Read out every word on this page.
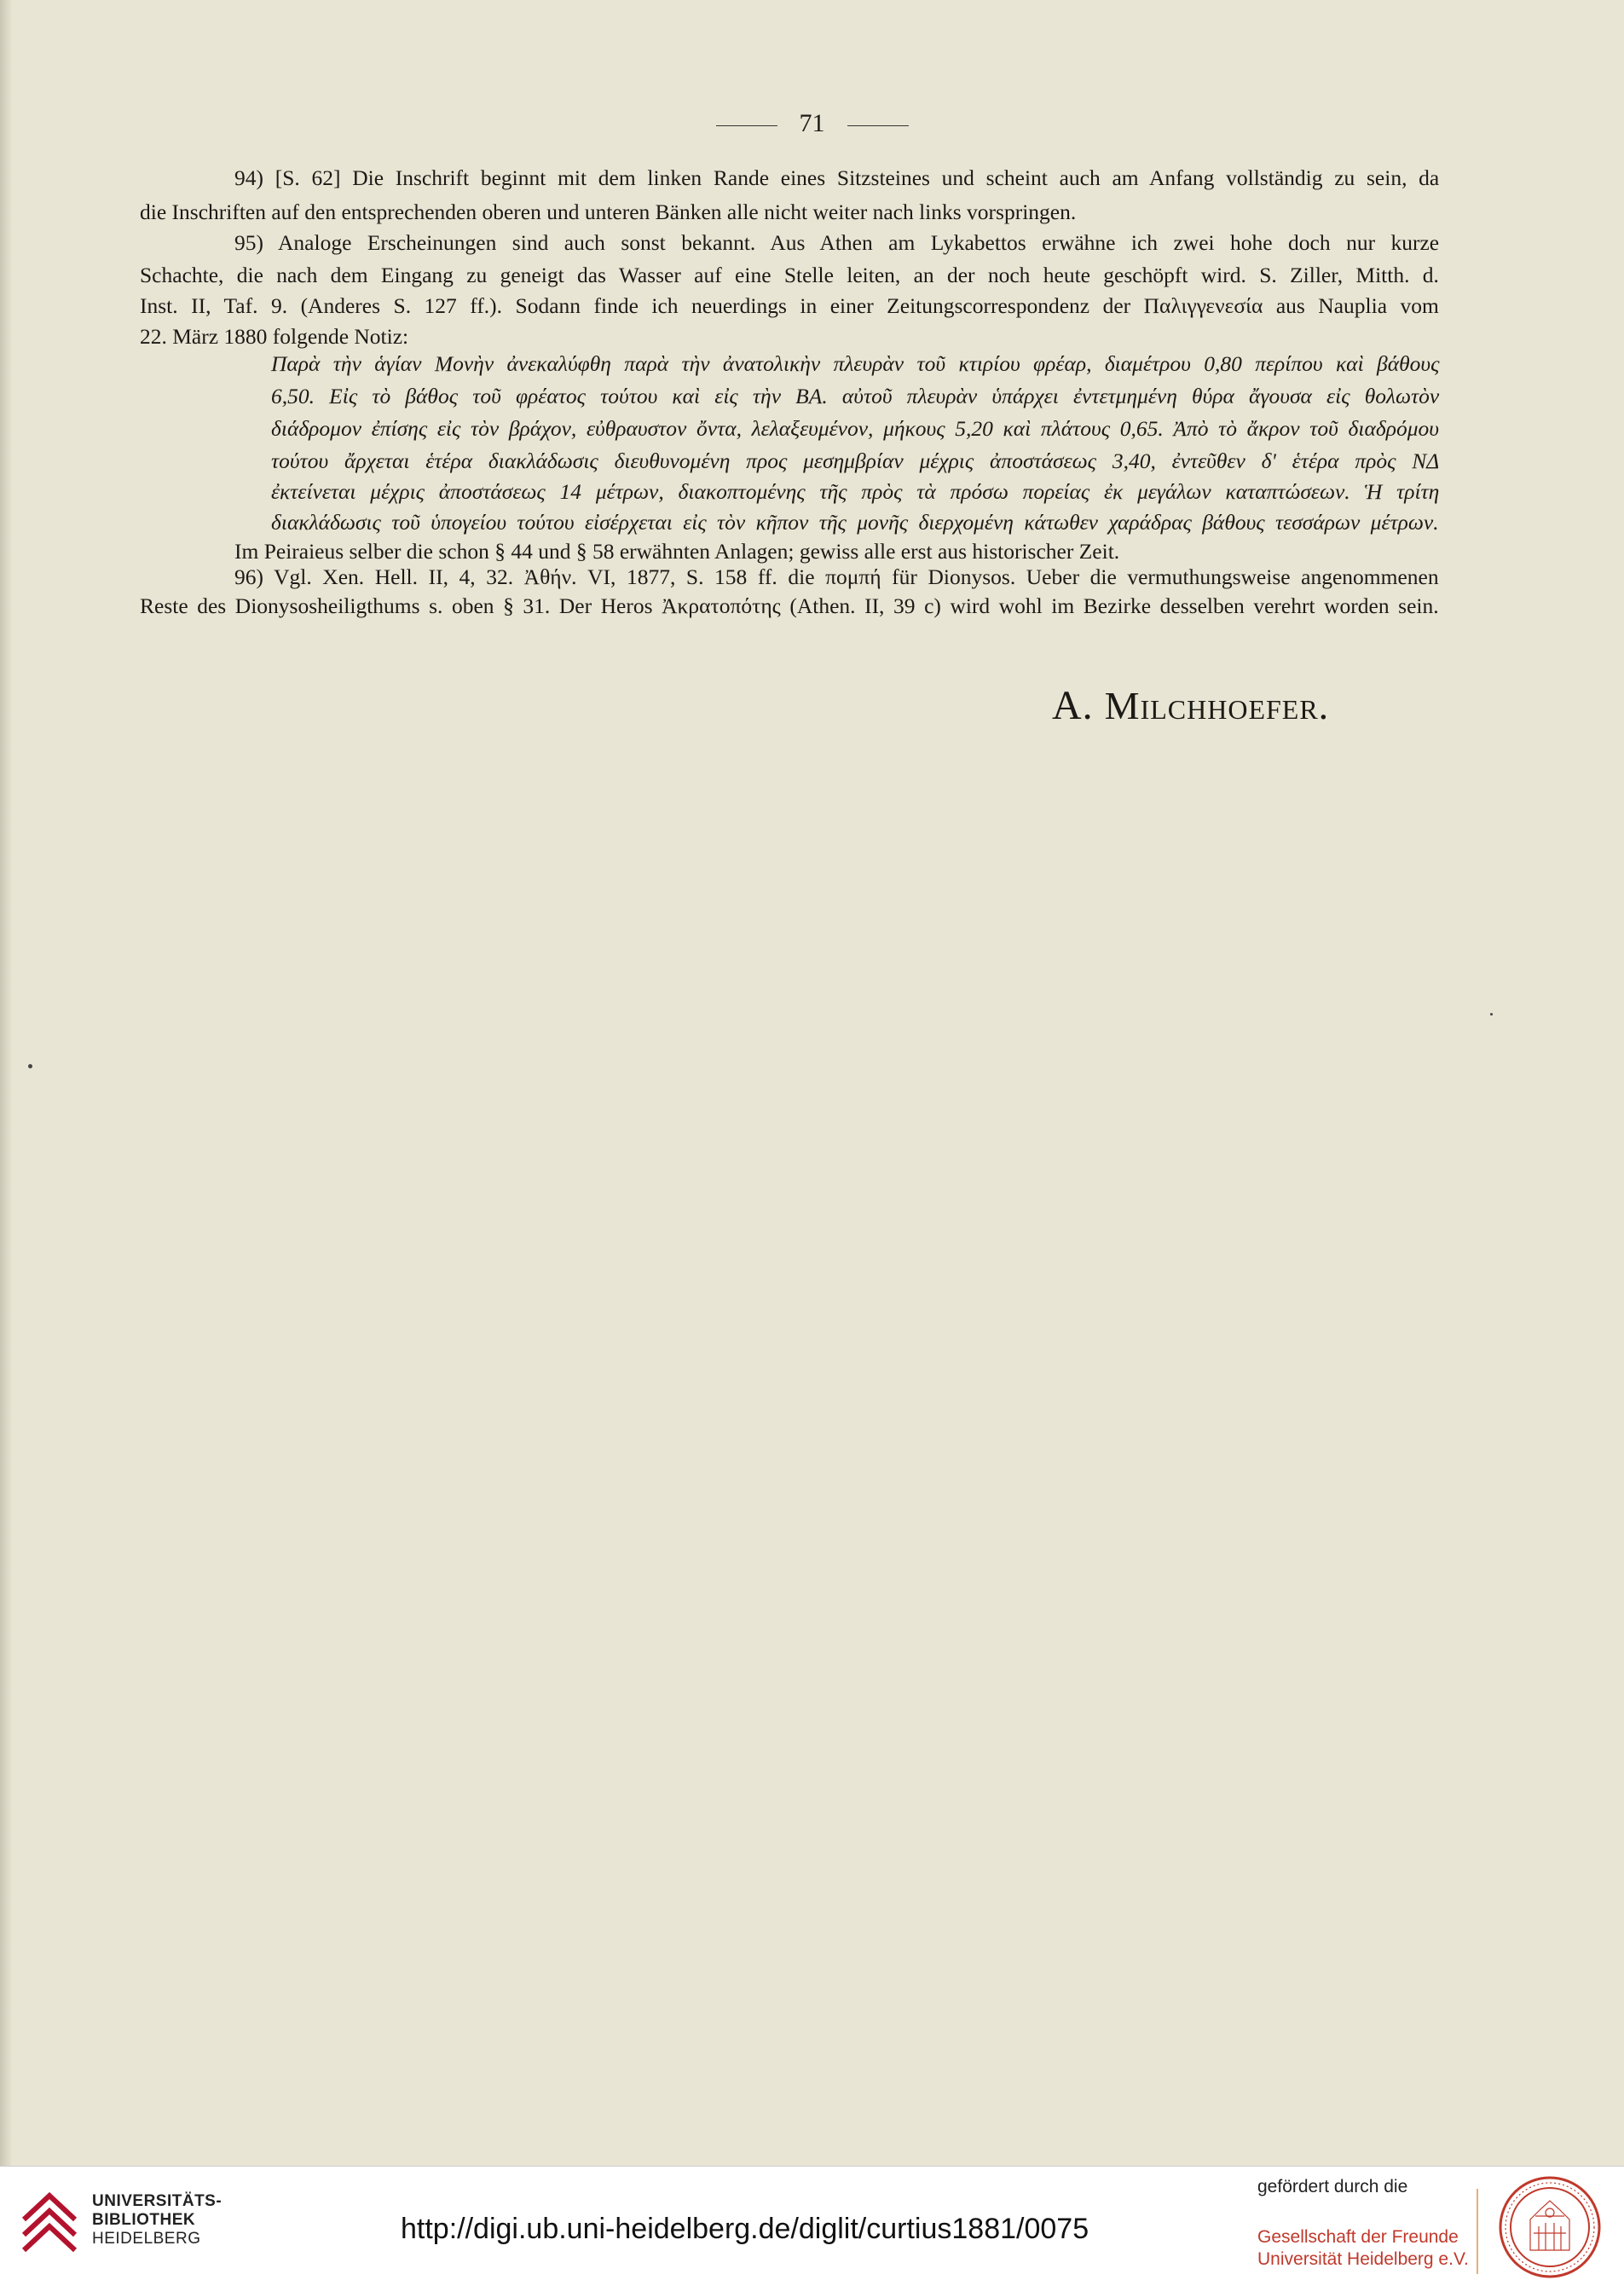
71
94) [S. 62] Die Inschrift beginnt mit dem linken Rande eines Sitzsteines und scheint auch am Anfang vollständig zu sein, da
die Inschriften auf den entsprechenden oberen und unteren Bänken alle nicht weiter nach links vorspringen.
95) Analoge Erscheinungen sind auch sonst bekannt. Aus Athen am Lykabettos erwähne ich zwei hohe doch nur kurze
Schachte, die nach dem Eingang zu geneigt das Wasser auf eine Stelle leiten, an der noch heute geschöpft wird. S. Ziller, Mitth. d.
Inst. II, Taf. 9. (Anderes S. 127 ff.). Sodann finde ich neuerdings in einer Zeitungscorrespondenz der Παλιγγενεσία aus Nauplia vom
22. März 1880 folgende Notiz:
Παρὰ τὴν ἁγίαν Μονὴν ἀνεκαλύφθη παρὰ τὴν ἀνατολικὴν πλευρὰν τοῦ κτιρίου φρέαρ, διαμέτρου 0,80 περίπου καὶ βάθους
6,50. Εἰς τὸ βάθος τοῦ φρέατος τούτου καὶ εἰς τὴν ΒΑ. αὐτοῦ πλευρὰν ὑπάρχει ἐντετμημένη θύρα ἄγουσα εἰς θολωτὸν
διάδρομον ἐπίσης εἰς τὸν βράχον, εὐθραυστον ὄντα, λελαξευμένον, μήκους 5,20 καὶ πλάτους 0,65. Ἀπὸ τὸ ἄκρον τοῦ διαδρόμου
τούτου ἄρχεται ἑτέρα διακλάδωσις διευθυνομένη προς μεσημβρίαν μέχρις ἀποστάσεως 3,40, ἐντεῦθεν δ' ἑτέρα πρὸς ΝΔ
ἐκτείνεται μέχρις ἀποστάσεως 14 μέτρων, διακοπτομένης τῆς πρὸς τὰ πρόσω πορείας ἐκ μεγάλων καταπτώσεων. Ἡ τρίτη
διακλάδωσις τοῦ ὑπογείου τούτου εἰσέρχεται εἰς τὸν κῆπον τῆς μονῆς διερχομένη κάτωθεν χαράδρας βάθους τεσσάρων μέτρων.
Im Peiraieus selber die schon § 44 und § 58 erwähnten Anlagen; gewiss alle erst aus historischer Zeit.
96) Vgl. Xen. Hell. II, 4, 32. Ἀθήν. VI, 1877, S. 158 ff. die πομπή für Dionysos. Ueber die vermuthungsweise angenommenen
Reste des Dionysosheiligthums s. oben § 31. Der Heros Ἀκρατοπότης (Athen. II, 39 c) wird wohl im Bezirke desselben verehrt worden sein.
A. Milchhoefer.
UNIVERSITÄTS-
BIBLIOTHEK
HEIDELBERG	http://digi.ub.uni-heidelberg.de/diglit/curtius1881/0075
gefördert durch die
Gesellschaft der Freunde
Universität Heidelberg e.V.
